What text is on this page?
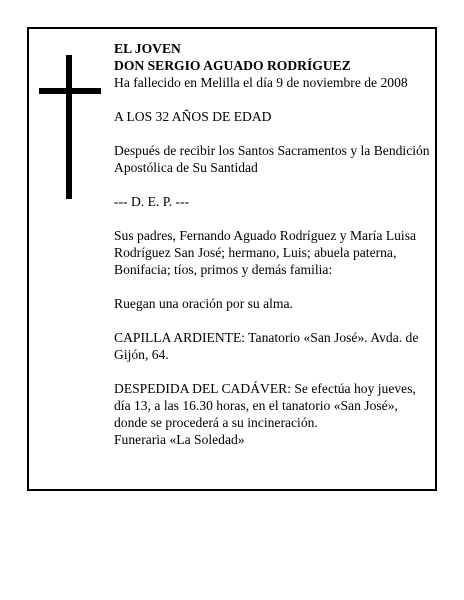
EL JOVEN

DON SERGIO AGUADO RODRÍGUEZ

Ha fallecido en Melilla el día 9 de noviembre de 2008

A LOS 32 AÑOS DE EDAD

Después de recibir los Santos Sacramentos y la Bendición Apostólica de Su Santidad

--- D. E. P. ---

Sus padres, Fernando Aguado Rodríguez y María Luisa Rodríguez San José; hermano, Luis; abuela paterna, Bonifacia; tíos, primos y demás familia:

Ruegan una oración por su alma.

CAPILLA ARDIENTE: Tanatorio «San José». Avda. de Gijón, 64.

DESPEDIDA DEL CADÁVER: Se efectúa hoy jueves, día 13, a las 16.30 horas, en el tanatorio «San José», donde se procederá a su incineración.

Funeraria «La Soledad»
